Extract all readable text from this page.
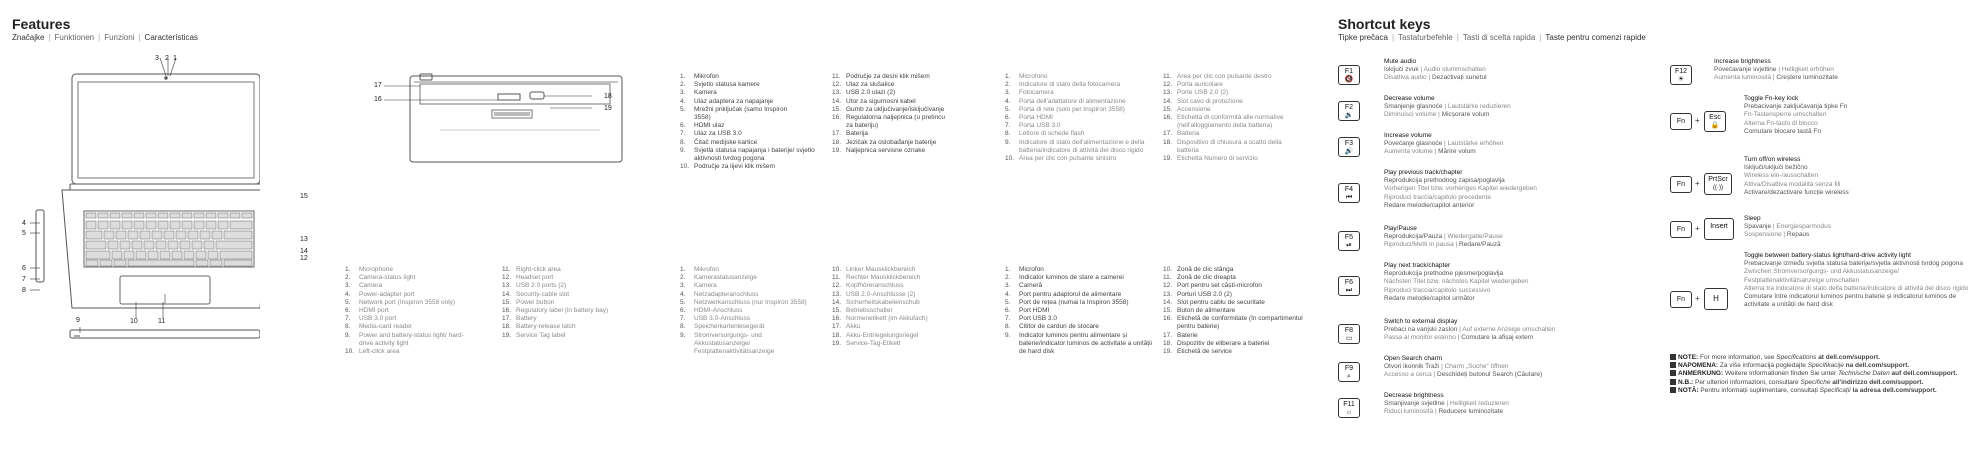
Features
Značajke | Funktionen | Funzioni | Características
3 2 1
4
5
6
7
8
9	10	11
12
13
14
15
17
16	18
19
1.	Mikrofon
2.	Svjetlo statusa kamere
3.	Kamera
4.	Ulaz adaptera za napajanje
5.	Mrežni priključak (samo Inspiron 3558)
6.	HDMI ulaz
7.	Ulaz za USB 3.0
8.	Čitač medijske kartice
9.	Svjetla statusa napajanja i baterije/ svjetlo aktivnosti tvrdog pogona
10. Područje za lijevi klik mišem
11. Područje za desni klik mišem
12. Ulaz za slušalice
13. USB 2.0 ulazi (2)
14. Utor za sigurnosni kabel
15. Gumb za uključivanje/isključivanje
16. Regulatorna naljepnica (u pretincu za bateriju)
17. Baterija
18. Jezičak za oslobađanje baterije
19. Naljepnica servisne oznake
1.	Microfono
2.	Indicatore di stato della fotocamera
3.	Fotocamera
4.	Porta dell'adattatore di alimentazione
5.	Porta di rete (solo per Inspiron 3558)
6.	Porta HDMI
7.	Porta USB 3.0
8.	Lettore di schede flash
9.	Indicatore di stato dell'alimentazione e della batteria/indicatore di attività del disco rigido
10. Area per clic con pulsante sinistro
11. Area per clic con pulsante destro
12. Porta auricolare
13. Porte USB 2.0 (2)
14. Slot cavo di protezione
15. Accensione
16. Etichetta di conformità alle normative (nell'alloggiamento della batteria)
17. Batteria
18. Dispositivo di chiusura a scatto della batteria
19. Etichetta Numero di servizio
1.	Microphone
2.	Camera-status light
3.	Camera
4.	Power-adapter port
5.	Network port (Inspiron 3558 only)
6.	HDMI port
7.	USB 3.0 port
8.	Media-card reader
9.	Power and battery-status light/ hard-drive activity light
10. Left-click area
11. Right-click area
12. Headset port
13. USB 2.0 ports (2)
14. Security-cable slot
15. Power button
16. Regulatory label (in battery bay)
17. Battery
18. Battery-release latch
19. Service Tag label
1.	Mikrofon
2.	Kamerastatusanzeige
3.	Kamera
4.	Netzadapteranschluss
5.	Netzwerkanschluss (nur Inspiron 3558)
6.	HDMI-Anschluss
7.	USB 3.0-Anschluss
8.	Speicherkartenlesegerät
9.	Stromversorgungs- und Akkustatusanzeige/ Festplattenaktivitätsanzeige
10. Linker Mausklickbereich
11. Rechter Mausklickbereich
12. Kopfhöreranschluss
13. USB 2.0-Anschlüsse (2)
14. Sicherheitskabeleinschub
15. Betriebsschalter
16. Normenetikett (im Akkufach)
17. Akku
18. Akku-Entriegelungsriegel
19. Service-Tag-Etikett
1.	Microfon
2.	Indicator luminos de stare a camerei
3.	Cameră
4.	Port pentru adaptorul de alimentare
5.	Port de rețea (numai la Inspiron 3558)
6.	Port HDMI
7.	Port USB 3.0
8.	Cititor de carduri de stocare
9.	Indicator luminos pentru alimentare și baterie/indicator luminos de activitate a unității de hard disk
10. Zonă de clic stânga
11. Zonă de clic dreapta
12. Port pentru set căști-microfon
13. Porturi USB 2.0 (2)
14. Slot pentru cablu de securitate
15. Buton de alimentare
16. Etichetă de conformitate (în compartimentul pentru baterie)
17. Baterie
18. Dispozitiv de eliberare a bateriei
19. Etichetă de service
Shortcut keys
Tipke prečaca | Tastaturbefehle | Tasti di scelta rapida | Taste pentru comenzi rapide
F1
🔇
Mute audio
Isključi zvuk | Audio stummschalten
Disattiva audio | Dezactivați sunetul
F2
🔉
Decrease volume
Smanjenje glasnoće | Lautstärke reduzieren
Diminuisci volume | Micșorare volum
F3
🔊
Increase volume
Povećanje glasnoće | Lautstärke erhöhen
Aumenta volume | Mărire volum
F4
⏮
Play previous track/chapter
Reprodukcija prethodnog zapisa/poglavlja
Vorherigen Titel bzw. vorheriges Kapitel wiedergeben
Riproduci traccia/capitolo precedente
Redare melodie/capitol anterior
F5
⏯
Play/Pause
Reprodukcija/Pauza | Wiedergabe/Pause
Riproduci/Metti in pausa | Redare/Pauză
F6
⏭
Play next track/chapter
Reprodukcija prethodne pjesme/poglavlja
Nächsten Titel bzw. nächstes Kapitel wiedergeben
Riproduci traccia/capitolo successivo
Redare melodie/capitol următor
F8
▭
Switch to external display
Prebaci na vanjski zaslon | Auf externe Anzeige umschalten
Passa al monitor esterno | Comutare la afișaj extern
F9
⌕
Open Search charm
Otvori ikonnik Traži | Charm „Suche“ öffnen
Accesso a cerca | Deschideți butonul Search (Căutare)
F11
☼
Decrease brightness
Smanjivanje svjetline | Helligkeit reduzieren
Riduci luminosità | Reducere luminozitate
F12
☀
Increase brightness
Povećavanje svjetline | Helligkeit erhöhen
Aumenta luminosità | Creștere luminozitate
Fn	+	Esc
🔒
Toggle Fn-key lock
Prebacivanje zaključavanja tipke Fn
Fn-Tastensperre umschalten
Alterna Fn-tasto di blocco
Comutare blocare tastă Fn
Fn	+	PrtScr
((·))
Turn off/on wireless
Isključi/uključi bežično
Wireless ein-/ausschalten
Attiva/Disattiva modalità senza fili
Activare/dezactivare funcție wireless
Fn	+	Insert
Sleep
Spavanje | Energiesparmodus
Sospensione | Repaus
Fn	+	H
Toggle between battery-status light/hard-drive activity light
Prebacivanje između svjetla statusa baterije/svjetla aktivnosti tvrdog pogona
Zwischen Stromversorgungs- und Akkustatusanzeige/ Festplattenaktivitätsanzeige umschalten
Alterna tra indicatore di stato della batteria/indicatore di attività del disco rigido
Comutare între indicatorul luminos pentru baterie și indicatorul luminos de activitate a unității de hard disk
NOTE: For more information, see Specifications at dell.com/support.
NAPOMENA: Za više informacija pogledajte Specifikacije na dell.com/support.
ANMERKUNG: Weitere Informationen finden Sie unter Technische Daten auf dell.com/support.
N.B.: Per ulteriori informazioni, consultare Specifiche all'indirizzo dell.com/support.
NOTĂ: Pentru informații suplimentare, consultați Specificații la adresa dell.com/support.
